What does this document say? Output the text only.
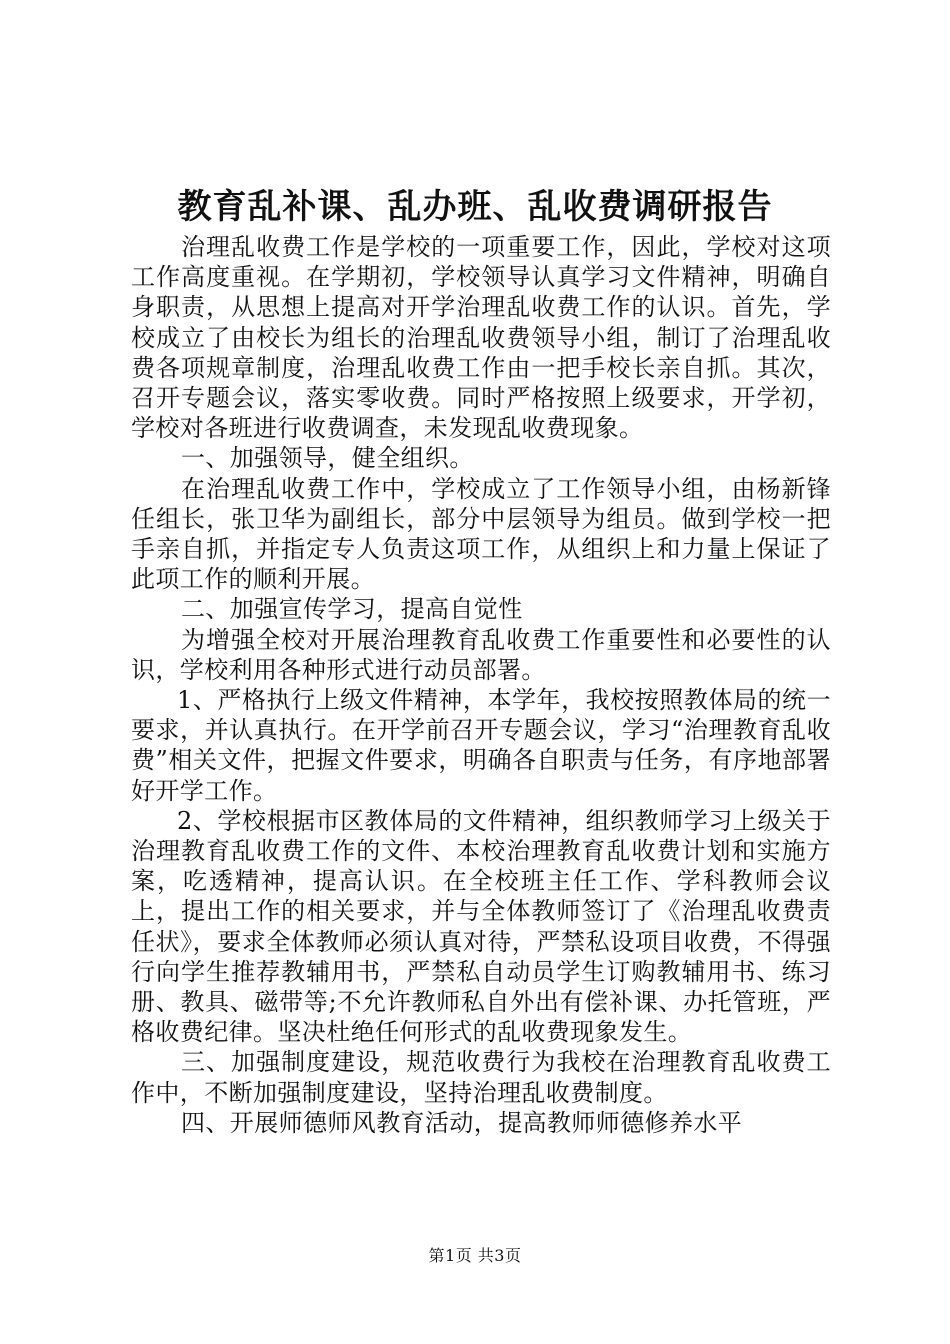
教育乱补课、乱办班、乱收费调研报告

治理乱收费工作是学校的一项重要工作，因此，学校对这项工作高度重视。在学期初，学校领导认真学习文件精神，明确自身职责，从思想上提高对开学治理乱收费工作的认识。首先，学校成立了由校长为组长的治理乱收费领导小组，制订了治理乱收费各项规章制度，治理乱收费工作由一把手校长亲自抓。其次，召开专题会议，落实零收费。同时严格按照上级要求，开学初，学校对各班进行收费调查，未发现乱收费现象。

一、加强领导，健全组织。

在治理乱收费工作中，学校成立了工作领导小组，由杨新锋任组长，张卫华为副组长，部分中层领导为组员。做到学校一把手亲自抓，并指定专人负责这项工作，从组织上和力量上保证了此项工作的顺利开展。

二、加强宣传学习，提高自觉性

为增强全校对开展治理教育乱收费工作重要性和必要性的认识，学校利用各种形式进行动员部署。

1、严格执行上级文件精神，本学年，我校按照教体局的统一要求，并认真执行。在开学前召开专题会议，学习“治理教育乱收费”相关文件，把握文件要求，明确各自职责与任务，有序地部署好开学工作。

2、学校根据市区教体局的文件精神，组织教师学习上级关于治理教育乱收费工作的文件、本校治理教育乱收费计划和实施方案，吃透精神，提高认识。在全校班主任工作、学科教师会议上，提出工作的相关要求，并与全体教师签订了《治理乱收费责任状》，要求全体教师必须认真对待，严禁私设项目收费，不得强行向学生推荐教辅用书，严禁私自动员学生订购教辅用书、练习册、教具、磁带等;不允许教师私自外出有偿补课、办托管班，严格收费纪律。坚决杜绝任何形式的乱收费现象发生。

三、加强制度建设，规范收费行为我校在治理教育乱收费工作中，不断加强制度建设，坚持治理乱收费制度。

四、开展师德师风教育活动，提高教师师德修养水平

第1页 共3页
